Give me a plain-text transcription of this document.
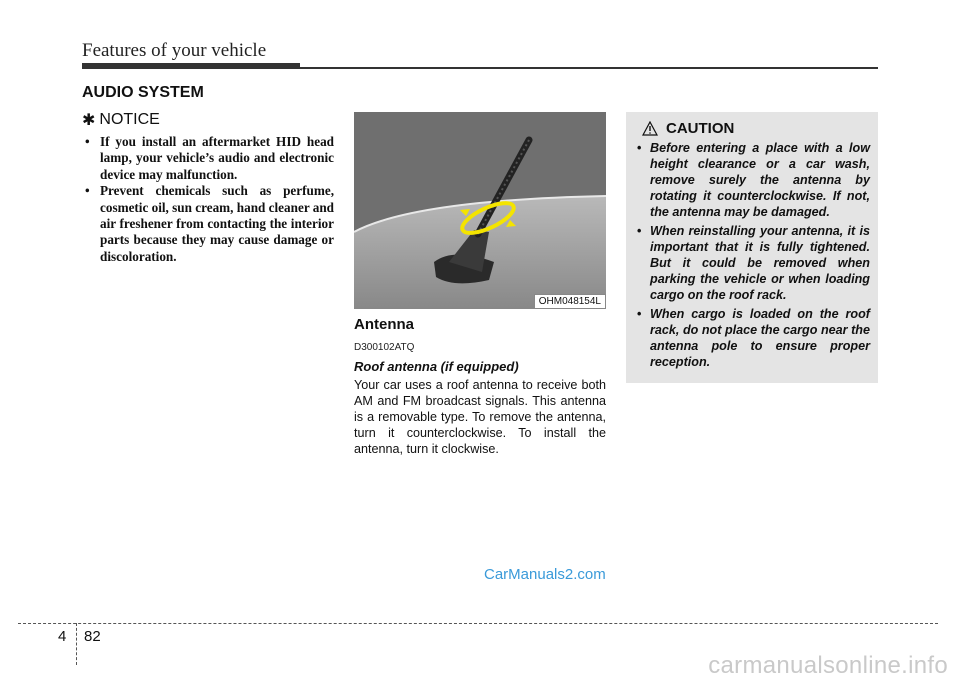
Features of your vehicle
AUDIO SYSTEM
✱ NOTICE
• If you install an aftermarket HID head lamp, your vehicle’s audio and electronic device may malfunction.
• Prevent chemicals such as perfume, cosmetic oil, sun cream, hand cleaner and air freshener from contacting the interior parts because they may cause damage or discoloration.
OHM048154L

Antenna

D300102ATQ

Roof antenna (if equipped)

Your car uses a roof antenna to receive both AM and FM broadcast signals. This antenna is a removable type. To remove the antenna, turn it counterclockwise. To install the antenna, turn it clockwise.

CAUTION
• Before entering a place with a low height clearance or a car wash, remove surely the antenna by rotating it counterclockwise. If not, the antenna may be damaged.
• When reinstalling your antenna, it is important that it is fully tightened. But it could be removed when parking the vehicle or when loading cargo on the roof rack.
• When cargo is loaded on the roof rack, do not place the cargo near the antenna pole to ensure proper reception.
CarManuals2.com
4 82
carmanualsonline.info
